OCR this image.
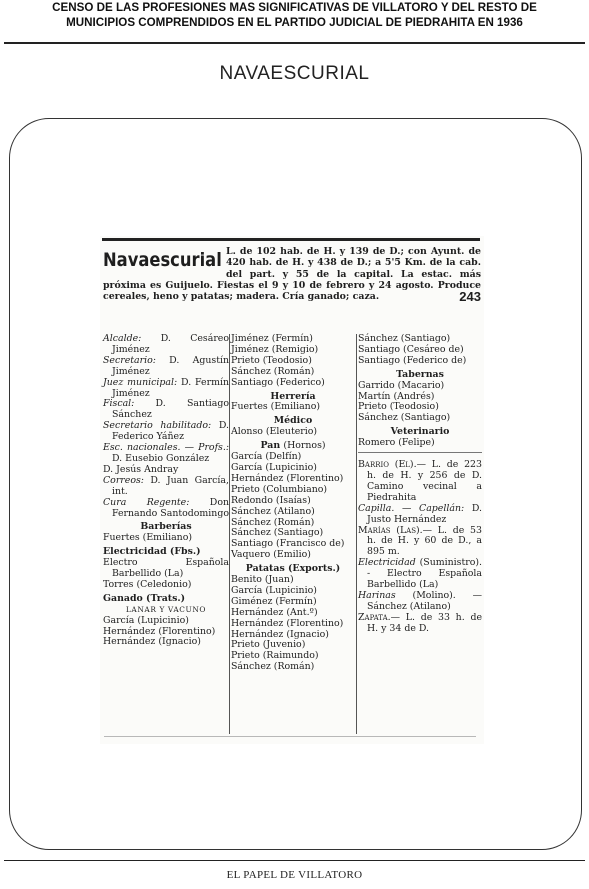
CENSO DE LAS PROFESIONES MAS SIGNIFICATIVAS DE VILLATORO Y DEL RESTO DE
MUNICIPIOS COMPRENDIDOS EN EL PARTIDO JUDICIAL DE PIEDRAHITA EN 1936
NAVAESCURIAL
Navaescurial L. de 102 hab. de H. y 139 de D.; con Ayunt. de 420 hab. de H. y 438 de D.; a 5'5 Km. de la cab. del part. y 55 de la capital. La estac. más próxima es Guijuelo. Fiestas el 9 y 10 de febrero y 24 agosto. Produce cereales, heno y patatas; madera. Cría ganado; caza.	243

Alcalde: D. Cesáreo Jiménez

Secretario: D. Agustín Jiménez

Juez municipal: D. Fermín Jiménez

Fiscal: D. Santiago Sánchez

Secretario habilitado: D. Federico Yáñez

Esc. nacionales. — Profs.: D. Eusebio González

D. Jesús Andray

Correos: D. Juan García, int.

Cura Regente: Don Fernando Santodomingo

Barberías

Fuertes (Emiliano)

Electricidad (Fbs.)

Electro Española Barbellido (La)

Torres (Celedonio)

Ganado (Trats.)

LANAR Y VACUNO

García (Lupicinio)

Hernández (Florentino)

Hernández (Ignacio)

Jiménez (Fermín)

Jiménez (Remigio)

Prieto (Teodosio)

Sánchez (Román)

Santiago (Federico)

Herrería

Fuertes (Emiliano)

Médico

Alonso (Eleuterio)

Pan (Hornos)

García (Delfín)

García (Lupicinio)

Hernández (Florentino)

Prieto (Columbiano)

Redondo (Isaías)

Sánchez (Atilano)

Sánchez (Román)

Sánchez (Santiago)

Santiago (Francisco de)

Vaquero (Emilio)

Patatas (Exports.)

Benito (Juan)

García (Lupicinio)

Giménez (Fermín)

Hernández (Ant.º)

Hernández (Florentino)

Hernández (Ignacio)

Prieto (Juvenio)

Prieto (Raimundo)

Sánchez (Román)

Sánchez (Santiago)

Santiago (Cesáreo de)

Santiago (Federico de)

Tabernas

Garrido (Macario)

Martín (Andrés)

Prieto (Teodosio)

Sánchez (Santiago)

Veterinario

Romero (Felipe)

Barrio (El).— L. de 223 h. de H. y 256 de D. Camino vecinal a Piedrahita

Capilla. — Capellán: D. Justo Hernández

Marías (Las).— L. de 53 h. de H. y 60 de D., a 895 m.

Electricidad (Suministro). - Electro Española Barbellido (La)

Harinas (Molino). — Sánchez (Atilano)

Zapata.— L. de 33 h. de H. y 34 de D.

EL PAPEL DE VILLATORO
